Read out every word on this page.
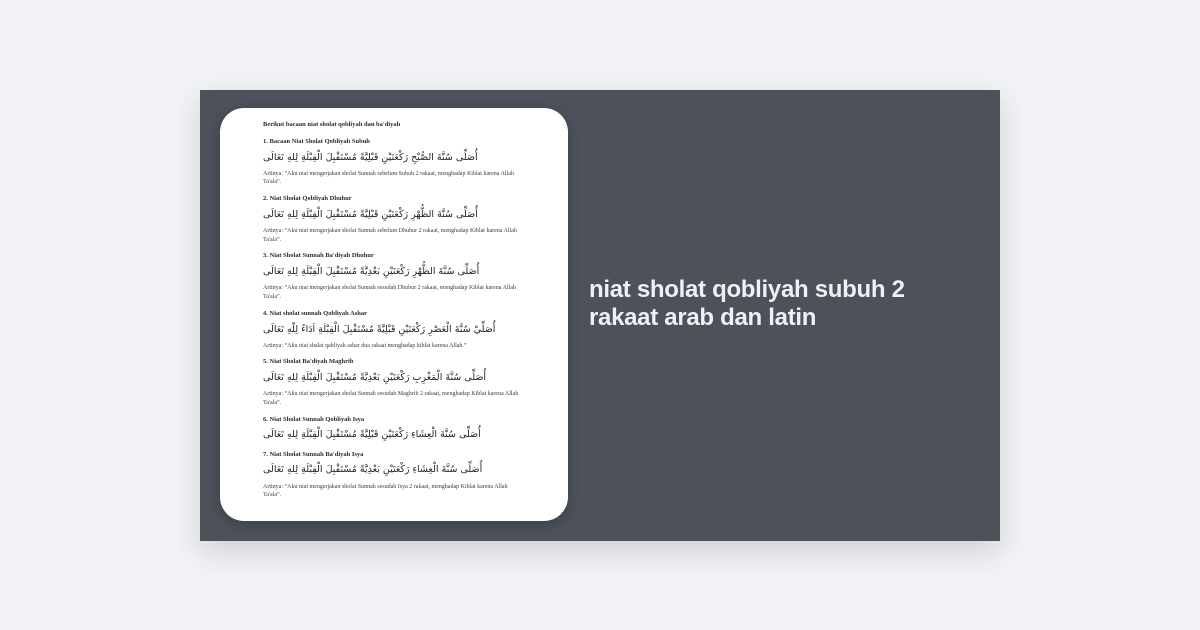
Berikut bacaan niat sholat qobliyah dan ba'diyah

1. Bacaan Niat Sholat Qobliyah Subuh

أُصَلِّى سُنَّةَ الصُّبْحِ رَكْعَتَيْنِ قَبْلِيَّةً مُسْتَقْبِلَ الْقِبْلَةِ لِلهِ تَعَالَى

Artinya: “Aku niat mengerjakan sholat Sunnah sebelum Subuh 2 rakaat, menghadap Kiblat karena Allah Ta'ala”.

2. Niat Sholat Qobliyah Dhuhur

أُصَلِّى سُنَّةَ الظُّهْرِ رَكْعَتَيْنِ قَبْلِيَّةً مُسْتَقْبِلَ الْقِبْلَةِ لِلهِ تَعَالَى

Artinya: “Aku niat mengerjakan sholat Sunnah sebelum Dhuhur 2 rakaat, menghadap Kiblat karena Allah Ta'ala”.

3. Niat Sholat Sunnah Ba'diyah Dhuhur

أُصَلِّى سُنَّةَ الظُّهْرِ رَكْعَتَيْنِ بَعْدِيَّةً مُسْتَقْبِلَ الْقِبْلَةِ لِلهِ تَعَالَى

Artinya: “Aku niat mengerjakan sholat Sunnah sesudah Dhuhur 2 rakaat, menghadap Kiblat karena Allah Ta'ala”.

4. Niat sholat sunnah Qobliyah Ashar

أُصَلِّيْ سُنَّةَ الْعَصْرِ رَكْعَتَيْنِ قَبْلِيَّةً مُسْتَقْبِلَ الْقِبْلَةِ اَدَاءً لِلّهِ تَعَالَى

Artinya: “Aku niat shalat qabliyah ashar dua rakaat menghadap kiblat karena Allah.”

5. Niat Sholat Ba'diyah Maghrib

أُصَلِّى سُنَّةَ الْمَغْرِبِ رَكْعَتَيْنِ بَعْدِيَّةً مُسْتَقْبِلَ الْقِبْلَةِ لِلهِ تَعَالَى

Artinya: “Aku niat mengerjakan sholat Sunnah sesudah Maghrib 2 rakaat, menghadap Kiblat karena Allah Ta'ala”.

6. Niat Sholat Sunnah Qobliyah Isya

أُصَلِّى سُنَّةَ الْعِشَاءِ رَكْعَتَيْنِ قَبْلِيَّةً مُسْتَقْبِلَ الْقِبْلَةِ لِلهِ تَعَالَى

7. Niat Sholat Sunnah Ba'diyah Isya

أُصَلِّى سُنَّةَ الْعِشَاءِ رَكْعَتَيْنِ بَعْدِيَّةً مُسْتَقْبِلَ الْقِبْلَةِ لِلهِ تَعَالَى

Artinya: “Aku niat mengerjakan sholat Sunnah sesudah Isya 2 rakaat, menghadap Kiblat karena Allah Ta'ala”.

niat sholat qobliyah subuh 2 rakaat arab dan latin
